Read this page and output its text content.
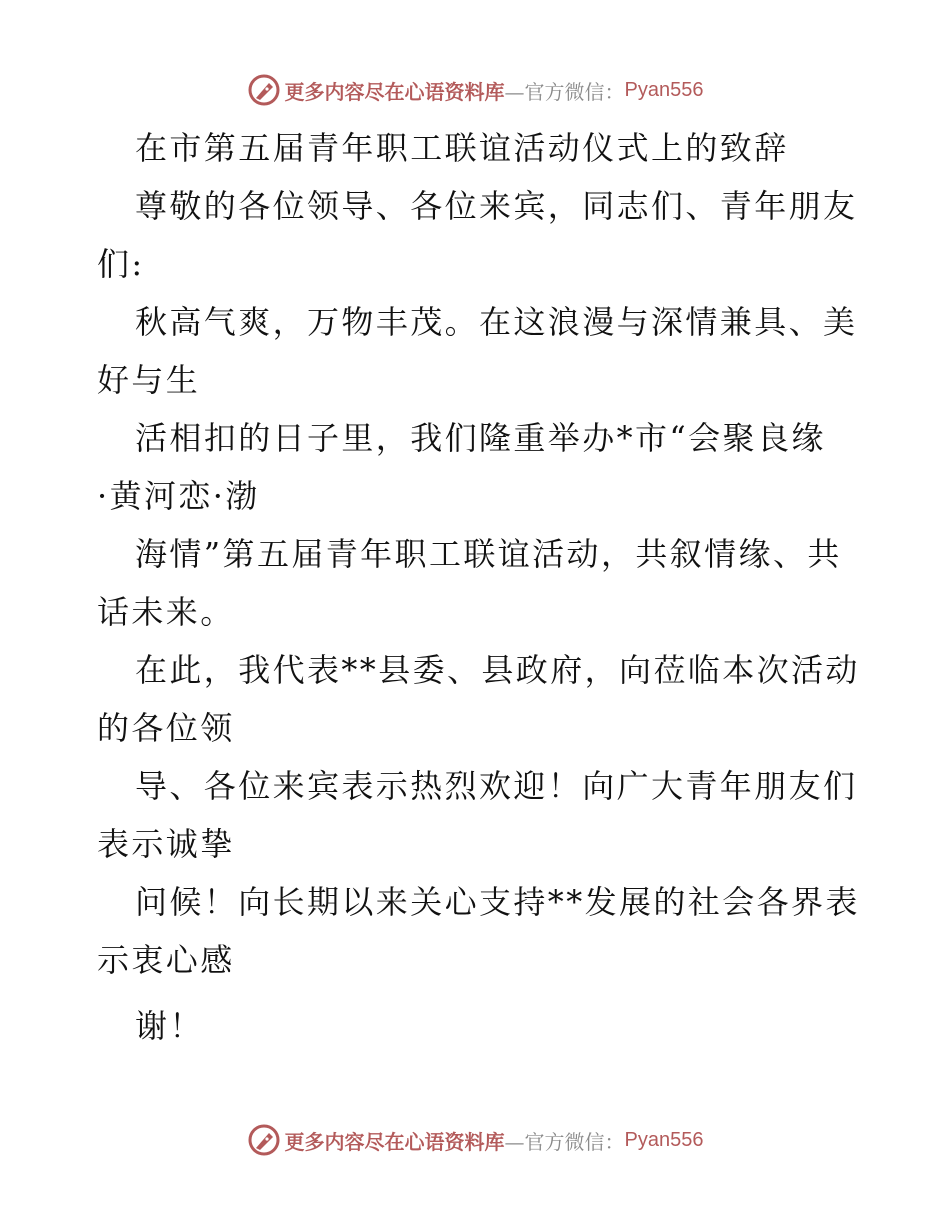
更多内容尽在心语资料库 —官方微信： Pyan556
在市第五届青年职工联谊活动仪式上的致辞
尊敬的各位领导、各位来宾，同志们、青年朋友
们:
秋高气爽，万物丰茂。在这浪漫与深情兼具、美
好与生
活相扣的日子里，我们隆重举办*市“会聚良缘
·黄河恋·渤
海情”第五届青年职工联谊活动，共叙情缘、共
话未来。
在此，我代表**县委、县政府，向莅临本次活动
的各位领
导、各位来宾表示热烈欢迎！向广大青年朋友们
表示诚挚
问候！向长期以来关心支持**发展的社会各界表
示衷心感
谢！
更多内容尽在心语资料库 —官方微信： Pyan556
